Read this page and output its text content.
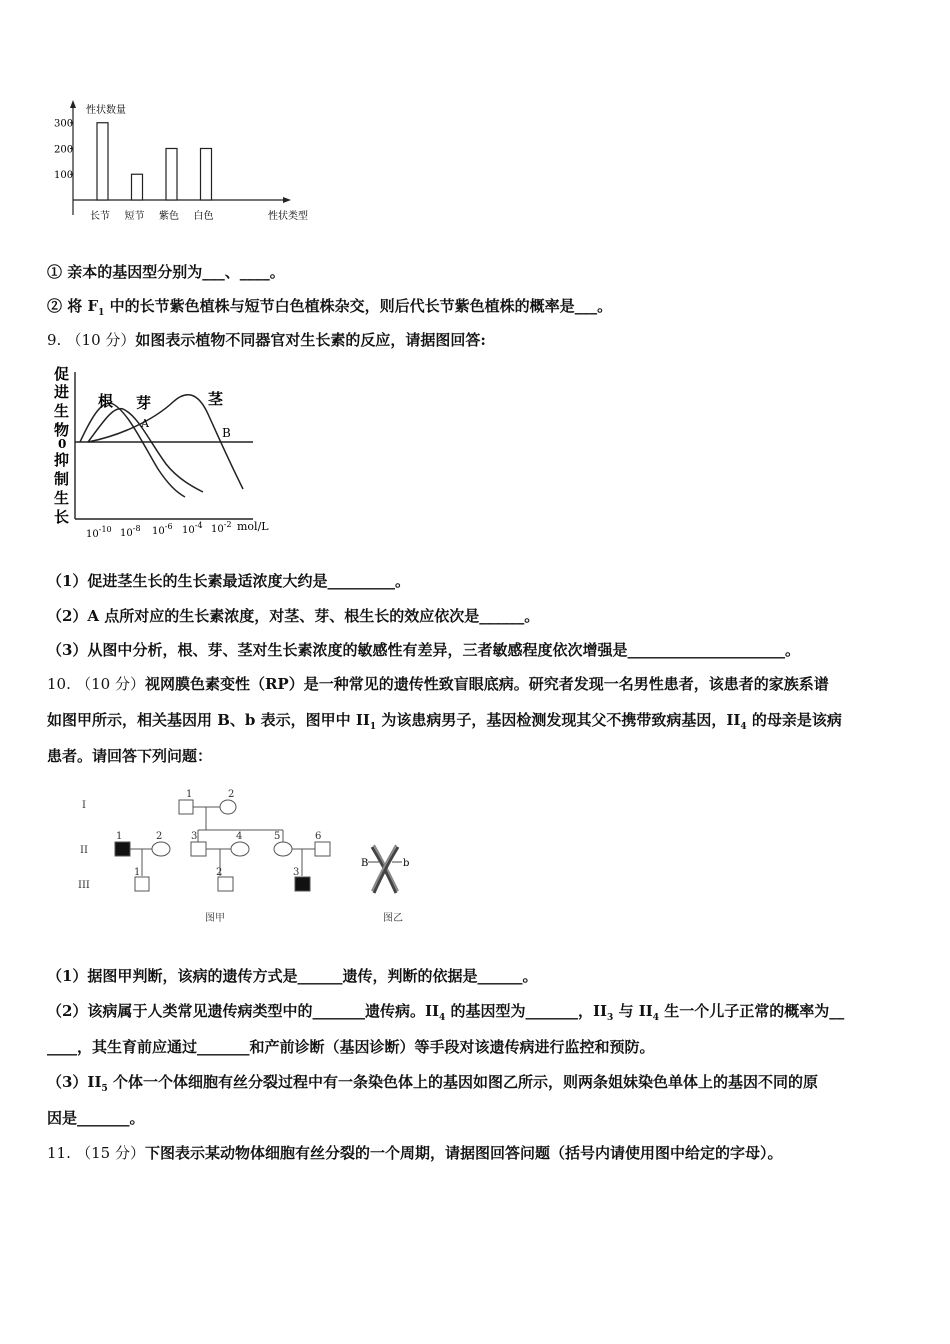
性状数量
100
200
300
长节 短节 紫色 白色	性状类型
① 亲本的基因型分别为___、____。
② 将 $F_1$ 中的长节紫色植株与短节白色植株杂交，则后代长节紫色植株的概率是___。
9. （10 分）如图表示植物不同器官对生长素的反应，请据图回答:
促
进
生
物
0
抑
制
生
长
根 芽	茎
A
B
$10^{-10}$ $10^{-8}$ $10^{-6}$ $10^{-4}$ $10^{-2}$ mol/L
（1）促进茎生长的生长素最适浓度大约是_________。
（2）A 点所对应的生长素浓度，对茎、芽、根生长的效应依次是______。
（3）从图中分析，根、芽、茎对生长素浓度的敏感性有差异，三者敏感程度依次增强是_____________________。
10. （10 分）视网膜色素变性（RP）是一种常见的遗传性致盲眼底病。研究者发现一名男性患者，该患者的家族系谱
如图甲所示，相关基因用 B、b 表示，图甲中 $II_1$ 为该患病男子，基因检测发现其父不携带致病基因，$II_4$ 的母亲是该病
患者。请回答下列问题：
I
II
III
1	2
1	2	3	4	5	6
1	2	3
图甲	图乙
B	b
（1）据图甲判断，该病的遗传方式是______遗传，判断的依据是______。
（2）该病属于人类常见遗传病类型中的_______遗传病。$II_4$ 的基因型为_______，$II_3$ 与 $II_4$ 生一个儿子正常的概率为__
____，其生育前应通过_______和产前诊断（基因诊断）等手段对该遗传病进行监控和预防。
$(3)II_5$ 个体一个体细胞有丝分裂过程中有一条染色体上的基因如图乙所示，则两条姐妹染色单体上的基因不同的原
因是_______。
11. （15 分）下图表示某动物体细胞有丝分裂的一个周期，请据图回答问题（括号内请使用图中给定的字母）。
